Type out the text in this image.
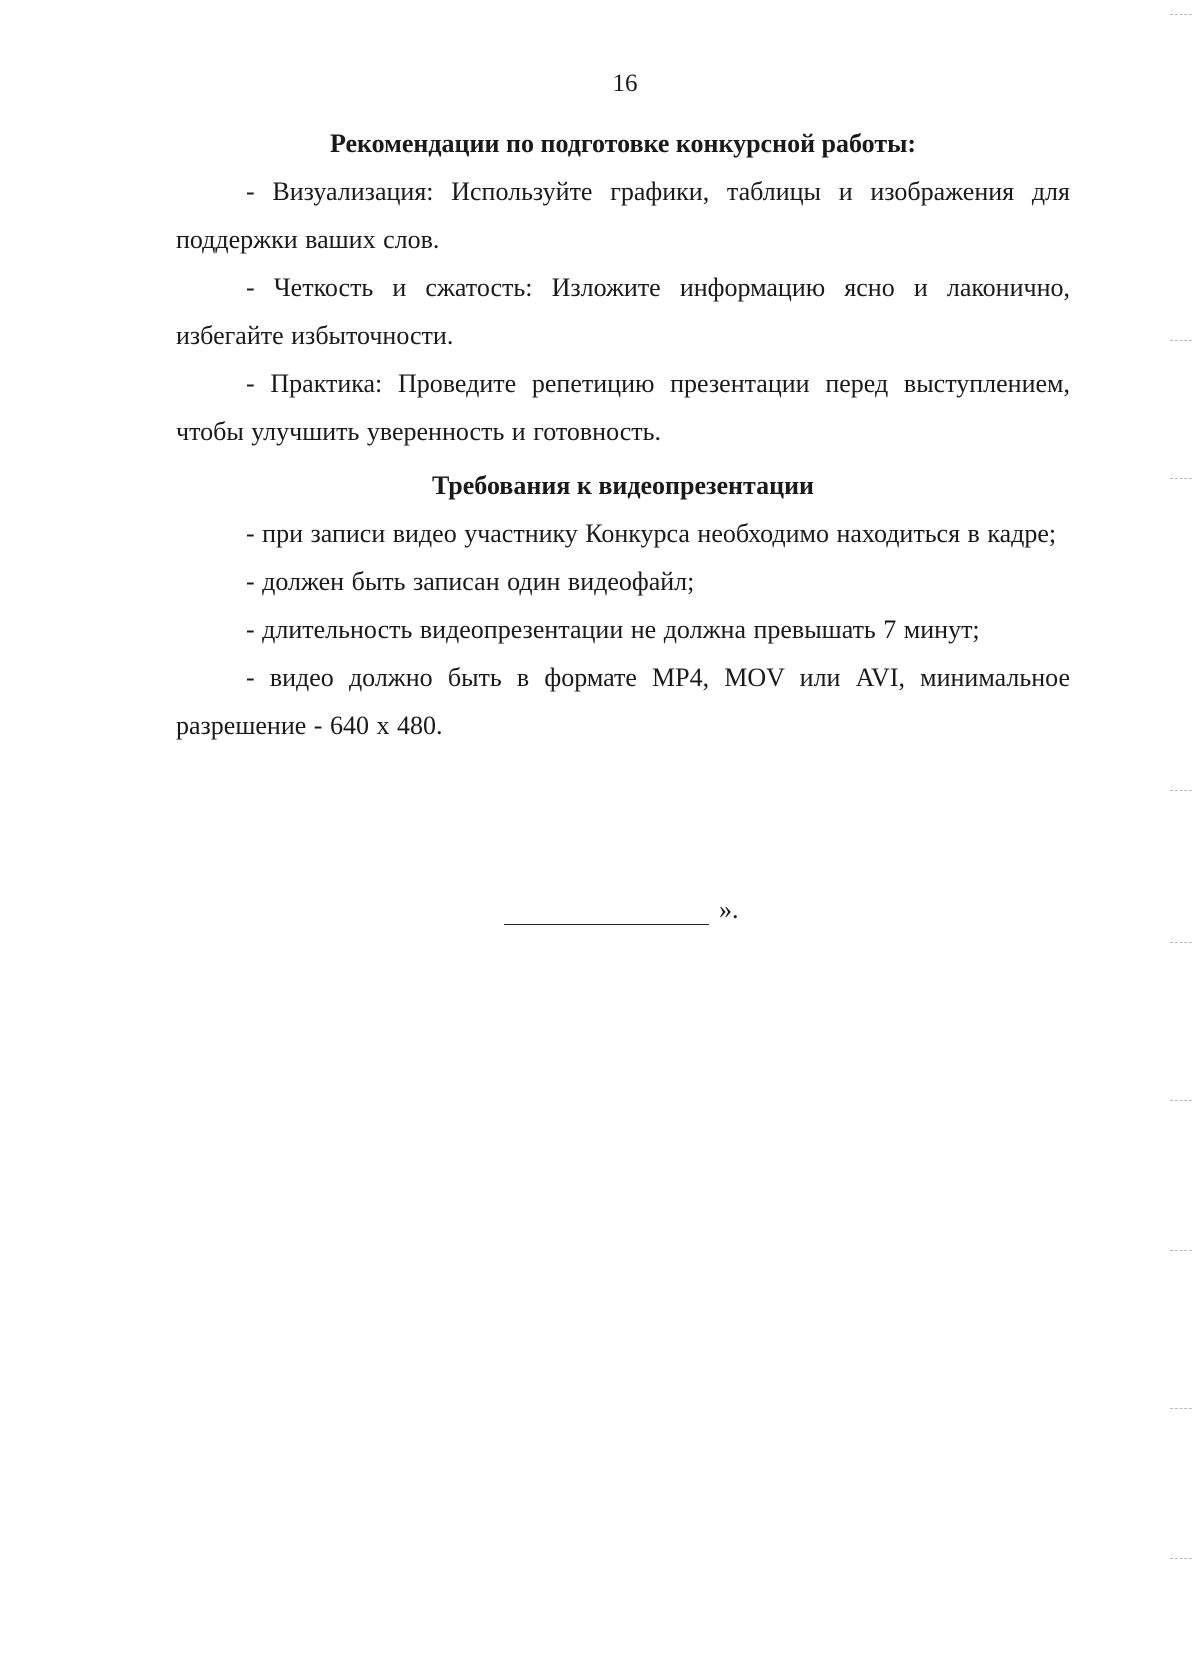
16

Рекомендации по подготовке конкурсной работы:

- Визуализация: Используйте графики, таблицы и изображения для поддержки ваших слов.

- Четкость и сжатость: Изложите информацию ясно и лаконично, избегайте избыточности.

- Практика: Проведите репетицию презентации перед выступлением, чтобы улучшить уверенность и готовность.

Требования к видеопрезентации

- при записи видео участнику Конкурса необходимо находиться в кадре;

- должен быть записан один видеофайл;

- длительность видеопрезентации не должна превышать 7 минут;

- видео должно быть в формате MP4, MOV или AVI, минимальное разрешение - 640 x 480.

».
